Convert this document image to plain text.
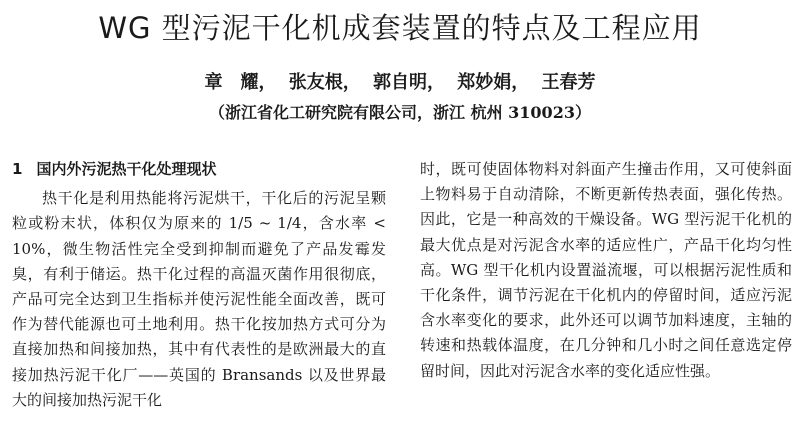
WG 型污泥干化机成套装置的特点及工程应用
章　耀， 张友根， 郭自明， 郑妙娟， 王春芳
（浙江省化工研究院有限公司，浙江 杭州 310023）
1 国内外污泥热干化处理现状

热干化是利用热能将污泥烘干，干化后的污泥呈颗粒或粉末状，体积仅为原来的 1/5 ~ 1/4，含水率 < 10%，微生物活性完全受到抑制而避免了产品发霉发臭，有利于储运。热干化过程的高温灭菌作用很彻底，产品可完全达到卫生指标并使污泥性能全面改善，既可作为替代能源也可土地利用。热干化按加热方式可分为直接加热和间接加热，其中有代表性的是欧洲最大的直接加热污泥干化厂——英国的 Bransands 以及世界最大的间接加热污泥干化

时，既可使固体物料对斜面产生撞击作用，又可使斜面上物料易于自动清除，不断更新传热表面，强化传热。因此，它是一种高效的干燥设备。WG 型污泥干化机的最大优点是对污泥含水率的适应性广，产品干化均匀性高。WG 型干化机内设置溢流堰，可以根据污泥性质和干化条件，调节污泥在干化机内的停留时间，适应污泥含水率变化的要求，此外还可以调节加料速度，主轴的转速和热载体温度，在几分钟和几小时之间任意选定停留时间，因此对污泥含水率的变化适应性强。
